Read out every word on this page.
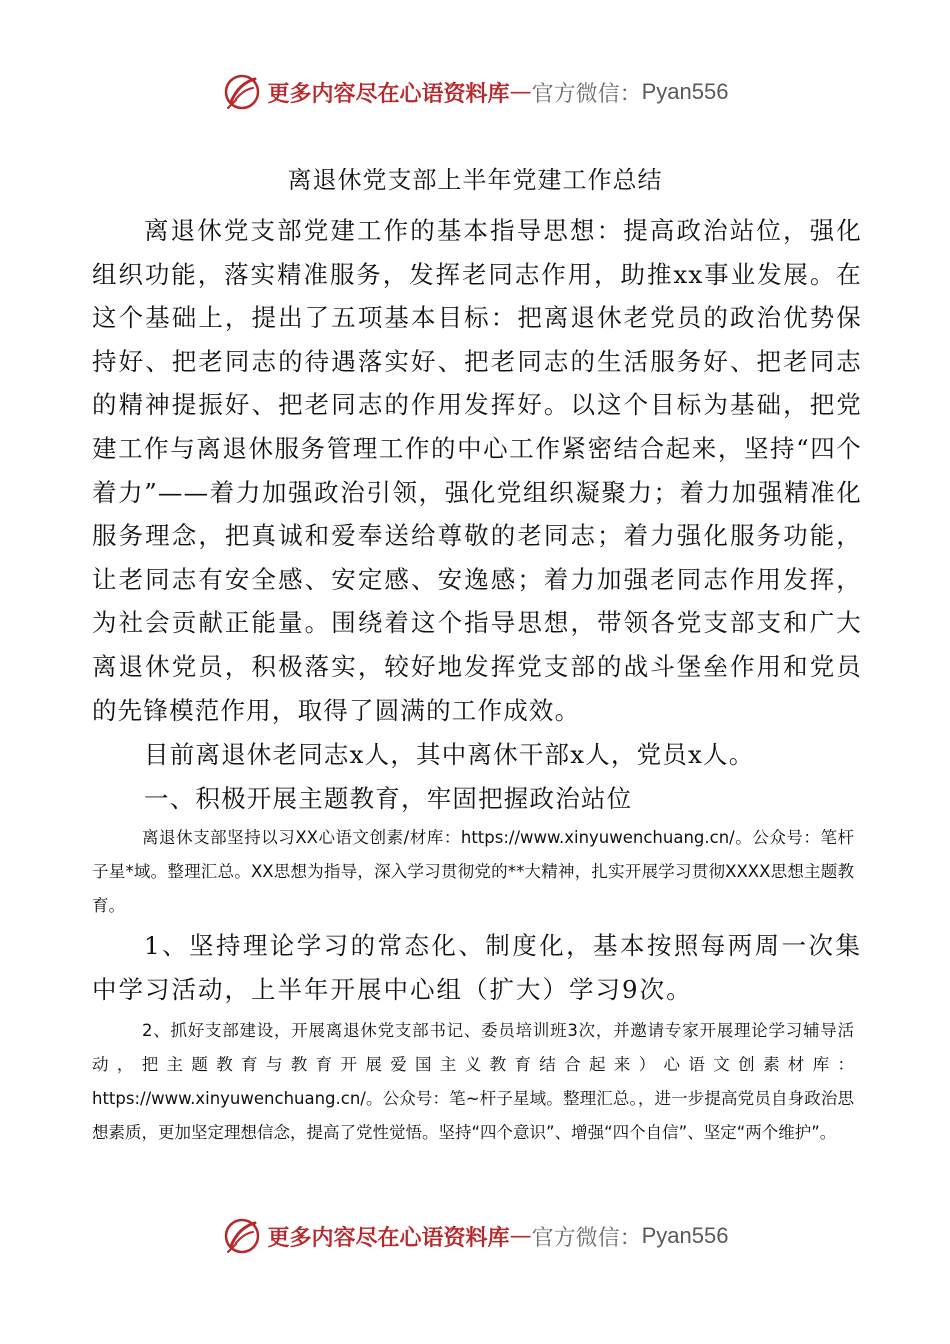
更多内容尽在心语资料库 — 官方微信： Pyan556
离退休党支部上半年党建工作总结

离退休党支部党建工作的基本指导思想：提高政治站位，强化组织功能，落实精准服务，发挥老同志作用，助推xx事业发展。在这个基础上，提出了五项基本目标：把离退休老党员的政治优势保持好、把老同志的待遇落实好、把老同志的生活服务好、把老同志的精神提振好、把老同志的作用发挥好。以这个目标为基础，把党建工作与离退休服务管理工作的中心工作紧密结合起来，坚持“四个着力”——着力加强政治引领，强化党组织凝聚力；着力加强精准化服务理念，把真诚和爱奉送给尊敬的老同志；着力强化服务功能，让老同志有安全感、安定感、安逸感；着力加强老同志作用发挥，为社会贡献正能量。围绕着这个指导思想，带领各党支部支和广大离退休党员，积极落实，较好地发挥党支部的战斗堡垒作用和党员的先锋模范作用，取得了圆满的工作成效。

目前离退休老同志x人，其中离休干部x人，党员x人。

一、积极开展主题教育，牢固把握政治站位

离退休支部坚持以习XX心语文创素/材库：https://www.xinyuwenchuang.cn/。公众号：笔杆子星*域。整理汇总。XX思想为指导，深入学习贯彻党的**大精神，扎实开展学习贯彻XXXX思想主题教育。

1、坚持理论学习的常态化、制度化，基本按照每两周一次集中学习活动，上半年开展中心组（扩大）学习9次。

2、抓好支部建设，开展离退休党支部书记、委员培训班3次，并邀请专家开展理论学习辅导活动，把主题教育与教育开展爱国主义教育结合起来）心语文创素材库：https://www.xinyuwenchuang.cn/。公众号：笔~杆子星域。整理汇总。，进一步提高党员自身政治思想素质，更加坚定理想信念，提高了党性觉悟。坚持“四个意识”、增强“四个自信”、坚定“两个维护”。

更多内容尽在心语资料库 — 官方微信： Pyan556
